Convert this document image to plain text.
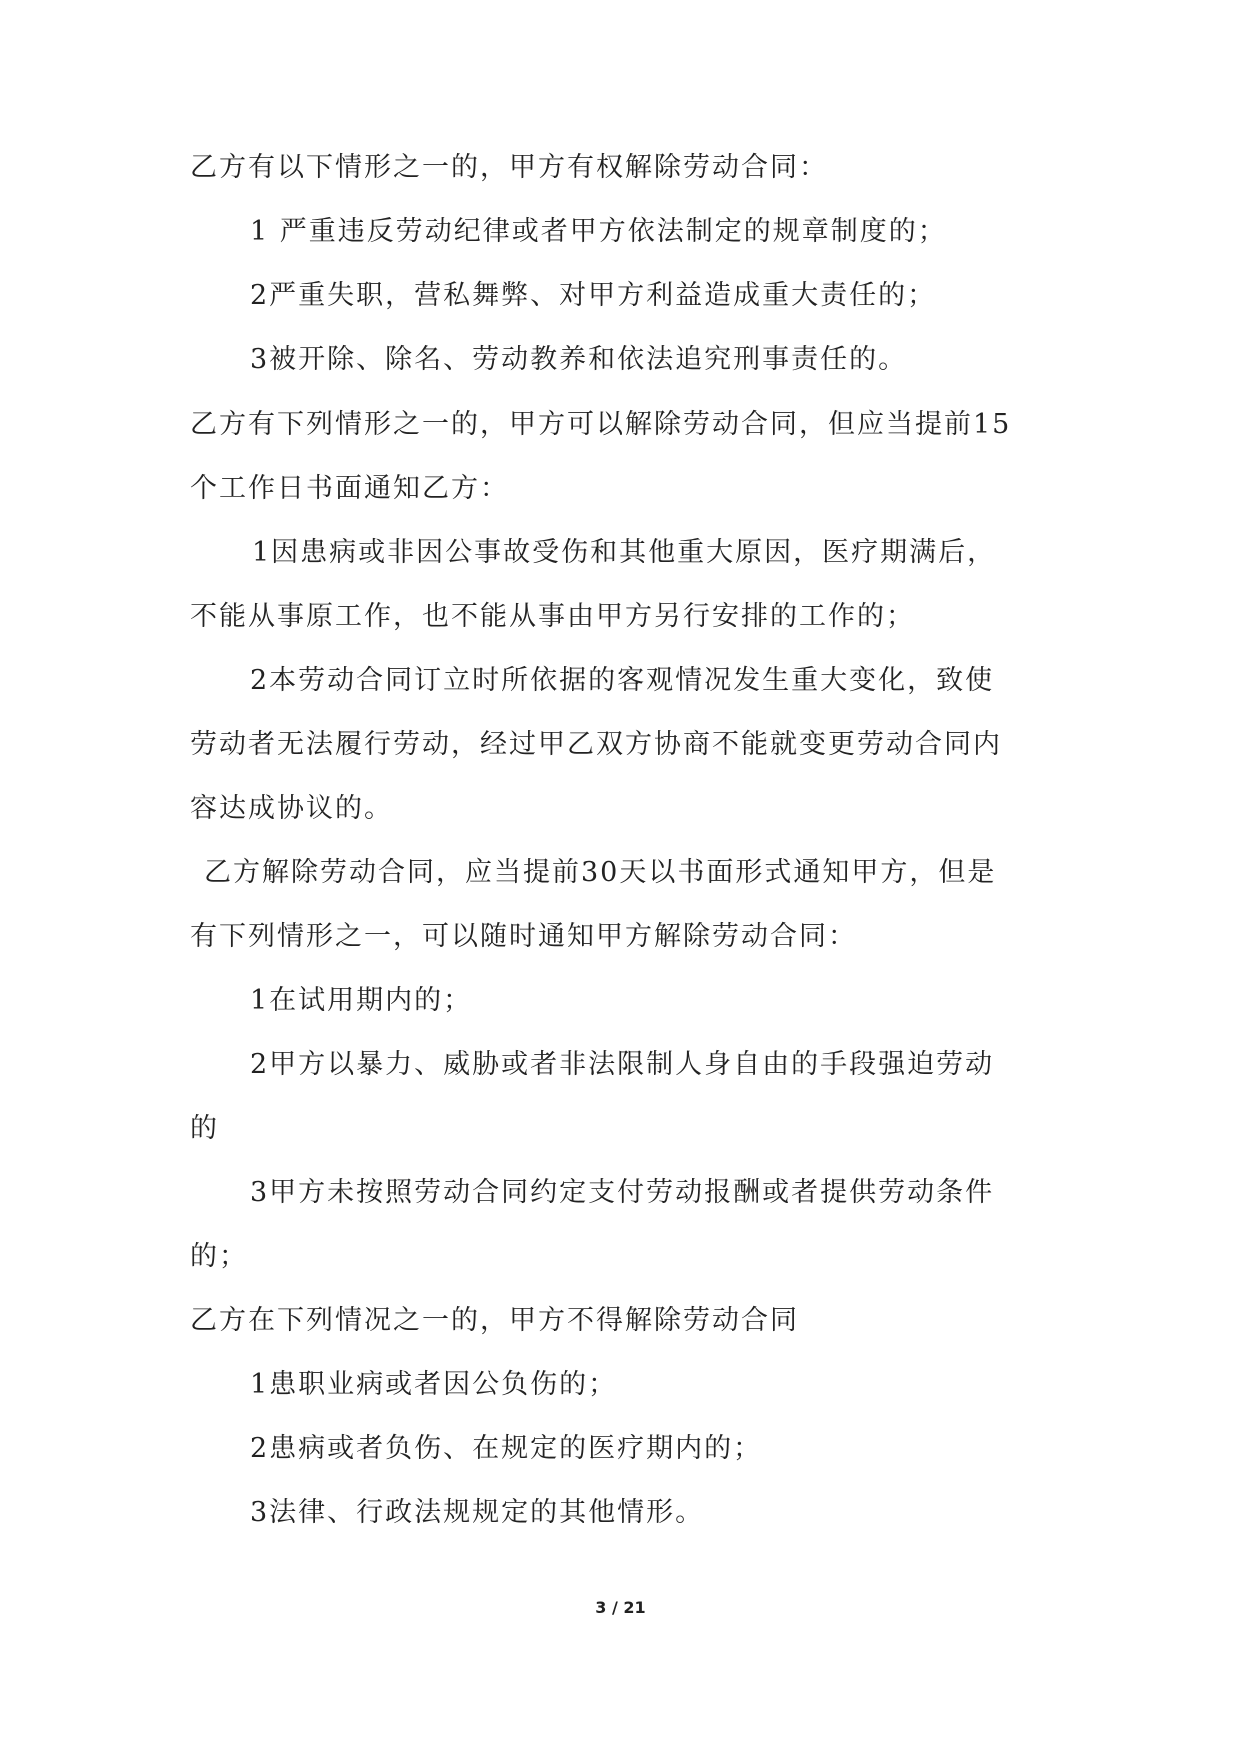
乙方有以下情形之一的，甲方有权解除劳动合同：
1 严重违反劳动纪律或者甲方依法制定的规章制度的；
2严重失职，营私舞弊、对甲方利益造成重大责任的；
3被开除、除名、劳动教养和依法追究刑事责任的。
乙方有下列情形之一的，甲方可以解除劳动合同，但应当提前15
个工作日书面通知乙方：
1因患病或非因公事故受伤和其他重大原因，医疗期满后，
不能从事原工作，也不能从事由甲方另行安排的工作的；
2本劳动合同订立时所依据的客观情况发生重大变化，致使
劳动者无法履行劳动，经过甲乙双方协商不能就变更劳动合同内
容达成协议的。
乙方解除劳动合同，应当提前30天以书面形式通知甲方，但是
有下列情形之一，可以随时通知甲方解除劳动合同：
1在试用期内的；
2甲方以暴力、威胁或者非法限制人身自由的手段强迫劳动
的
3甲方未按照劳动合同约定支付劳动报酬或者提供劳动条件
的；
乙方在下列情况之一的，甲方不得解除劳动合同
1患职业病或者因公负伤的；
2患病或者负伤、在规定的医疗期内的；
3法律、行政法规规定的其他情形。
3 / 21
